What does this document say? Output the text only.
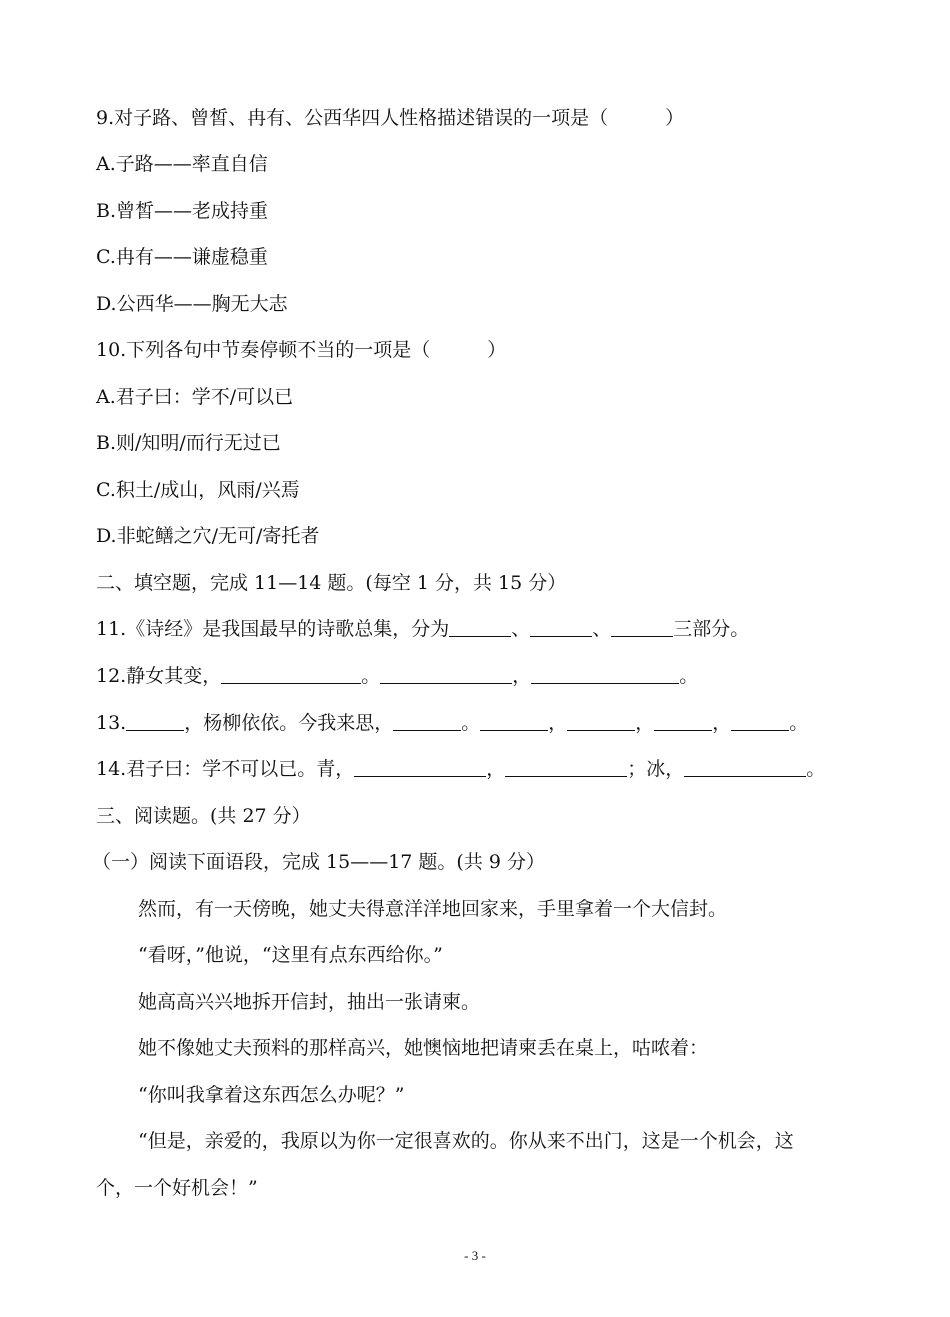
9.对子路、曾皙、冉有、公西华四人性格描述错误的一项是（　　　）
A.子路——率直自信
B.曾皙——老成持重
C.冉有——谦虚稳重
D.公西华——胸无大志
10.下列各句中节奏停顿不当的一项是（　　　）
A.君子曰：学不/可以已
B.则/知明/而行无过已
C.积土/成山，风雨/兴焉
D.非蛇鳝之穴/无可/寄托者
二、填空题，完成 11—14 题。(每空 1 分，共 15 分）
11.《诗经》是我国最早的诗歌总集，分为	、	、	三部分。
12.静女其变，	。	，	。
13.	，杨柳依依。今我来思，	。	，	，	，	。
14.君子曰：学不可以已。青，	，	；冰，	。
三、阅读题。(共 27 分）
（一）阅读下面语段，完成 15——17 题。(共 9 分）
然而，有一天傍晚，她丈夫得意洋洋地回家来，手里拿着一个大信封。
“看呀，”他说，“这里有点东西给你。”
她高高兴兴地拆开信封，抽出一张请柬。
她不像她丈夫预料的那样高兴，她懊恼地把请柬丢在桌上，咕哝着：
“你叫我拿着这东西怎么办呢？”
“但是，亲爱的，我原以为你一定很喜欢的。你从来不出门，这是一个机会，这
个，一个好机会！”
- 3 -
